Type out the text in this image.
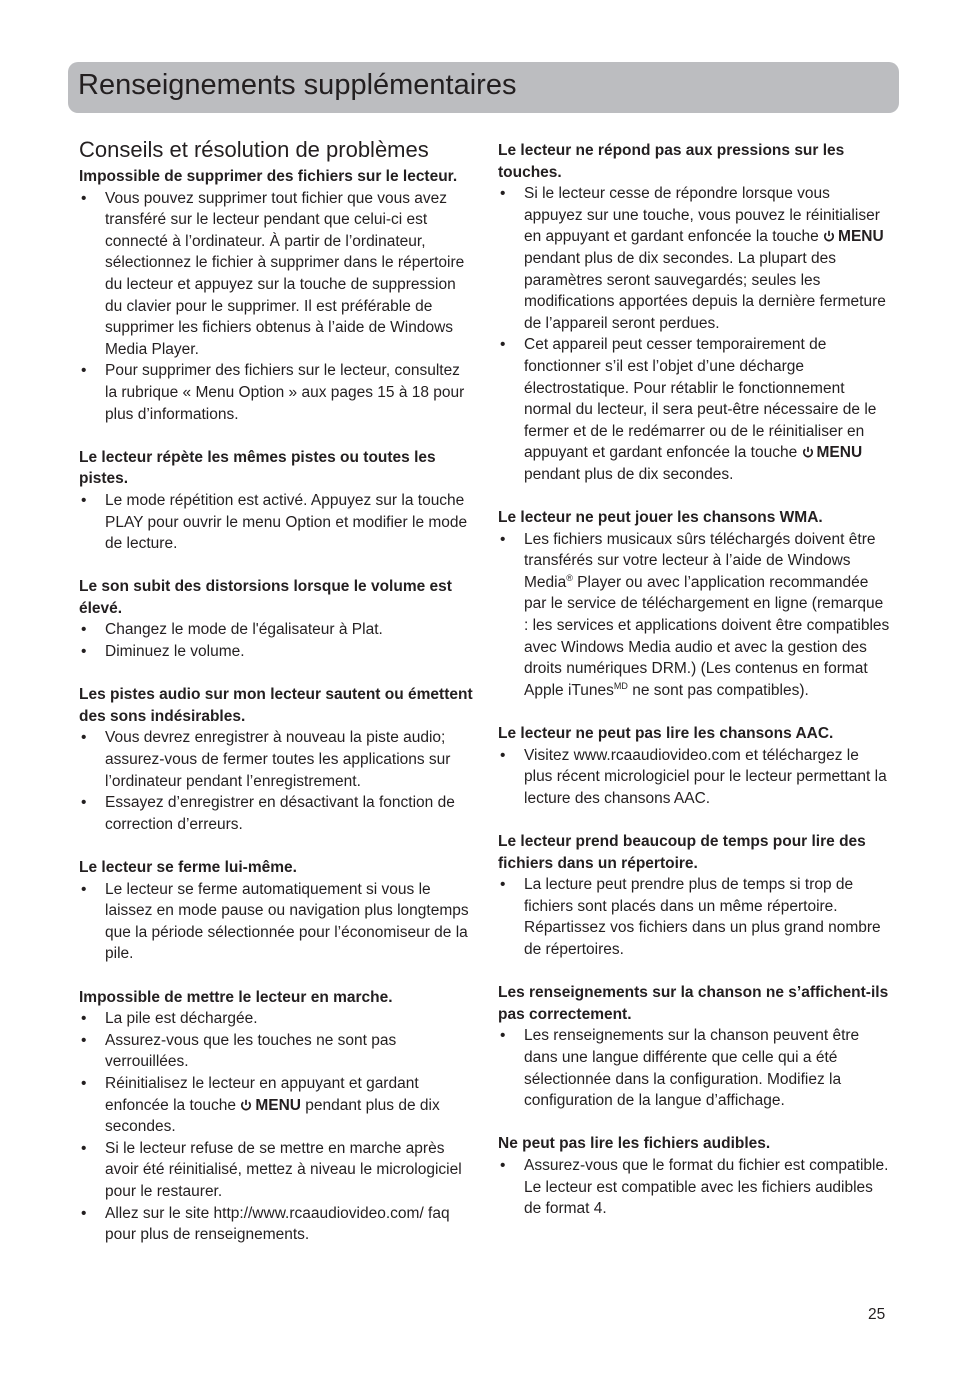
Renseignements supplémentaires
Conseils et résolution de problèmes
Impossible de supprimer des fichiers sur le lecteur.
• Vous pouvez supprimer tout fichier que vous avez transféré sur le lecteur pendant que celui-ci est connecté à l’ordinateur. À partir de l’ordinateur, sélectionnez le fichier à supprimer dans le répertoire du lecteur et appuyez sur la touche de suppression du clavier pour le supprimer. Il est préférable de supprimer les fichiers obtenus à l’aide de Windows Media Player.
• Pour supprimer des fichiers sur le lecteur, consultez la rubrique « Menu Option » aux pages 15 à 18 pour plus d’informations.
Le lecteur répète les mêmes pistes ou toutes les pistes.
• Le mode répétition est activé. Appuyez sur la touche PLAY pour ouvrir le menu Option et modifier le mode de lecture.
Le son subit des distorsions lorsque le volume est élevé.
• Changez le mode de l'égalisateur à Plat.
• Diminuez le volume.
Les pistes audio sur mon lecteur sautent ou émettent des sons indésirables.
• Vous devrez enregistrer à nouveau la piste audio; assurez-vous de fermer toutes les applications sur l’ordinateur pendant l’enregistrement.
• Essayez d’enregistrer en désactivant la fonction de correction d’erreurs.
Le lecteur se ferme lui-même.
• Le lecteur se ferme automatiquement si vous le laissez en mode pause ou navigation plus longtemps que la période sélectionnée pour l’économiseur de la pile.
Impossible de mettre le lecteur en marche.
• La pile est déchargée.
• Assurez-vous que les touches ne sont pas verrouillées.
• Réinitialisez le lecteur en appuyant et gardant enfoncée la touche MENU pendant plus de dix secondes.
• Si le lecteur refuse de se mettre en marche après avoir été réinitialisé, mettez à niveau le micrologiciel pour le restaurer.
• Allez sur le site http://www.rcaaudiovideo.com/ faq pour plus de renseignements.
Le lecteur ne répond pas aux pressions sur les touches.
• Si le lecteur cesse de répondre lorsque vous appuyez sur une touche, vous pouvez le réinitialiser en appuyant et gardant enfoncée la touche MENU pendant plus de dix secondes. La plupart des paramètres seront sauvegardés; seules les modifications apportées depuis la dernière fermeture de l’appareil seront perdues.
• Cet appareil peut cesser temporairement de fonctionner s’il est l’objet d’une décharge électrostatique. Pour rétablir le fonctionnement normal du lecteur, il sera peut-être nécessaire de le fermer et de le redémarrer ou de le réinitialiser en appuyant et gardant enfoncée la touche MENU pendant plus de dix secondes.
Le lecteur ne peut jouer les chansons WMA.
• Les fichiers musicaux sûrs téléchargés doivent être transférés sur votre lecteur à l’aide de Windows Media® Player ou avec l’application recommandée par le service de téléchargement en ligne (remarque : les services et applications doivent être compatibles avec Windows Media audio et avec la gestion des droits numériques DRM.) (Les contenus en format Apple iTunes$^{MD}$ ne sont pas compatibles).
Le lecteur ne peut pas lire les chansons AAC.
• Visitez www.rcaaudiovideo.com et téléchargez le plus récent micrologiciel pour le lecteur permettant la lecture des chansons AAC.
Le lecteur prend beaucoup de temps pour lire des fichiers dans un répertoire.
• La lecture peut prendre plus de temps si trop de fichiers sont placés dans un même répertoire. Répartissez vos fichiers dans un plus grand nombre de répertoires.
Les renseignements sur la chanson ne s’affichent-ils pas correctement.
• Les renseignements sur la chanson peuvent être dans une langue différente que celle qui a été sélectionnée dans la configuration. Modifiez la configuration de la langue d’affichage.
Ne peut pas lire les fichiers audibles.
• Assurez-vous que le format du fichier est compatible. Le lecteur est compatible avec les fichiers audibles de format 4.
25
